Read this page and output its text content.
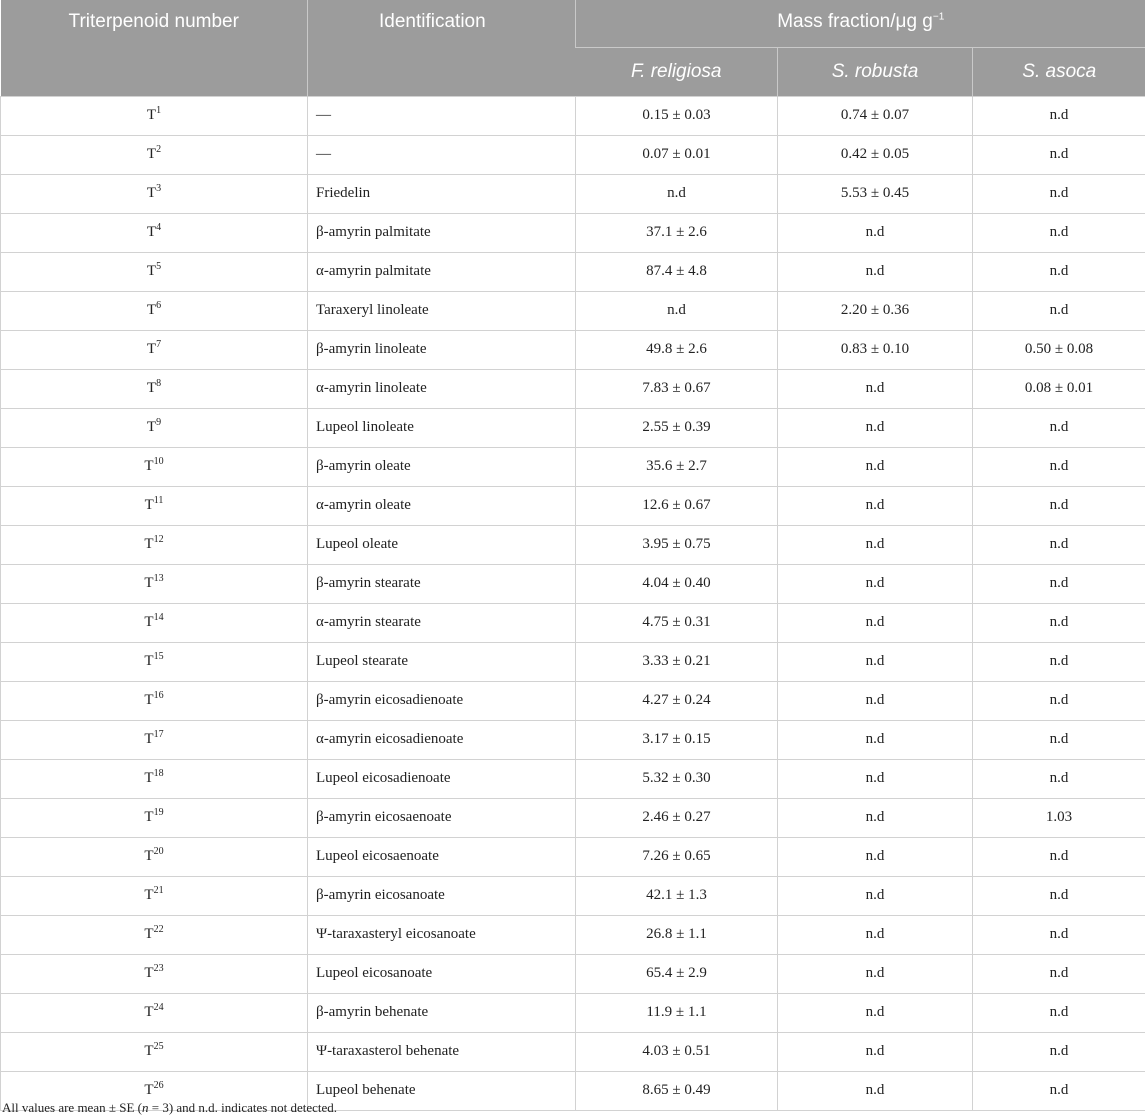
Triterpenoid number	Identification	Mass fraction/μg $g^{-1}$
		F. religiosa	S. robusta	S. asoca
$T^1$	—	0.15 ± 0.03	0.74 ± 0.07	n.d
$T^2$	—	0.07 ± 0.01	0.42 ± 0.05	n.d
$T^3$	Friedelin	n.d	5.53 ± 0.45	n.d
$T^4$	β-amyrin palmitate	37.1 ± 2.6	n.d	n.d
$T^5$	α-amyrin palmitate	87.4 ± 4.8	n.d	n.d
$T^6$	Taraxeryl linoleate	n.d	2.20 ± 0.36	n.d
$T^7$	β-amyrin linoleate	49.8 ± 2.6	0.83 ± 0.10	0.50 ± 0.08
$T^8$	α-amyrin linoleate	7.83 ± 0.67	n.d	0.08 ± 0.01
$T^9$	Lupeol linoleate	2.55 ± 0.39	n.d	n.d
$T^{10}$	β-amyrin oleate	35.6 ± 2.7	n.d	n.d
$T^{11}$	α-amyrin oleate	12.6 ± 0.67	n.d	n.d
$T^{12}$	Lupeol oleate	3.95 ± 0.75	n.d	n.d
$T^{13}$	β-amyrin stearate	4.04 ± 0.40	n.d	n.d
$T^{14}$	α-amyrin stearate	4.75 ± 0.31	n.d	n.d
$T^{15}$	Lupeol stearate	3.33 ± 0.21	n.d	n.d
$T^{16}$	β-amyrin eicosadienoate	4.27 ± 0.24	n.d	n.d
$T^{17}$	α-amyrin eicosadienoate	3.17 ± 0.15	n.d	n.d
$T^{18}$	Lupeol eicosadienoate	5.32 ± 0.30	n.d	n.d
$T^{19}$	β-amyrin eicosaenoate	2.46 ± 0.27	n.d	1.03
$T^{20}$	Lupeol eicosaenoate	7.26 ± 0.65	n.d	n.d
$T^{21}$	β-amyrin eicosanoate	42.1 ± 1.3	n.d	n.d
$T^{22}$	Ψ-taraxasteryl eicosanoate	26.8 ± 1.1	n.d	n.d
$T^{23}$	Lupeol eicosanoate	65.4 ± 2.9	n.d	n.d
$T^{24}$	β-amyrin behenate	11.9 ± 1.1	n.d	n.d
$T^{25}$	Ψ-taraxasterol behenate	4.03 ± 0.51	n.d	n.d
$T^{26}$	Lupeol behenate	8.65 ± 0.49	n.d	n.d
All values are mean ± SE (n = 3) and n.d. indicates not detected.
